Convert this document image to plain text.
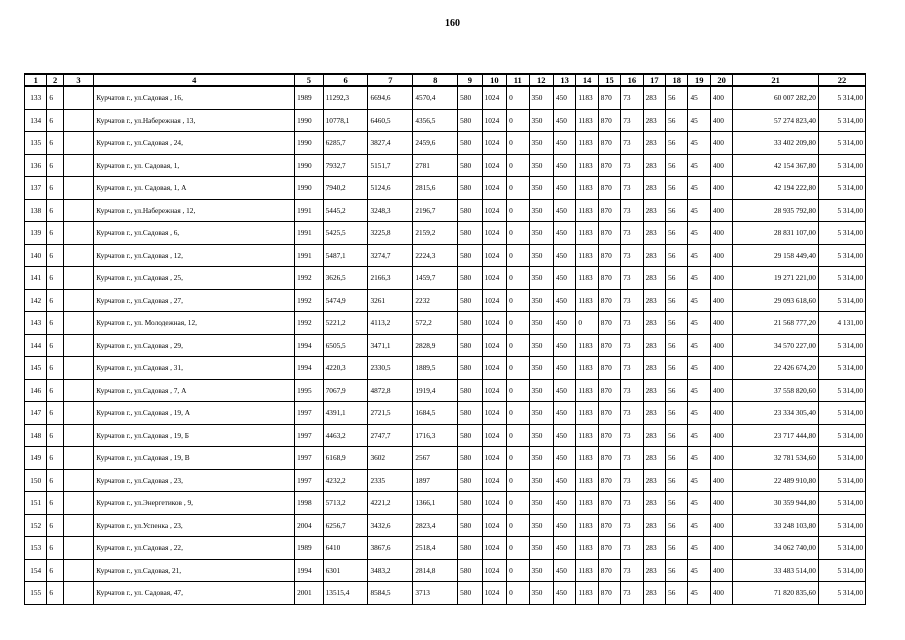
160
1	2	3	4	5	6	7	8	9	10	11	12	13	14	15	16	17	18	19	20	21	22
133	6		Курчатов г., ул.Садовая , 16,	1989	11292,3	6694,6	4570,4	580	1024	0	350	450	1183	870	73	283	56	45	400	60 007 282,20	5 314,00
134	6		Курчатов г., ул.Набережная , 13,	1990	10778,1	6460,5	4356,5	580	1024	0	350	450	1183	870	73	283	56	45	400	57 274 823,40	5 314,00
135	6		Курчатов г., ул.Садовая , 24,	1990	6285,7	3827,4	2459,6	580	1024	0	350	450	1183	870	73	283	56	45	400	33 402 209,80	5 314,00
136	6		Курчатов г., ул. Садовая, 1,	1990	7932,7	5151,7	2781	580	1024	0	350	450	1183	870	73	283	56	45	400	42 154 367,80	5 314,00
137	6		Курчатов г., ул. Садовая, 1, А	1990	7940,2	5124,6	2815,6	580	1024	0	350	450	1183	870	73	283	56	45	400	42 194 222,80	5 314,00
138	6		Курчатов г., ул.Набережная , 12,	1991	5445,2	3248,3	2196,7	580	1024	0	350	450	1183	870	73	283	56	45	400	28 935 792,80	5 314,00
139	6		Курчатов г., ул.Садовая , 6,	1991	5425,5	3225,8	2159,2	580	1024	0	350	450	1183	870	73	283	56	45	400	28 831 107,00	5 314,00
140	6		Курчатов г., ул.Садовая , 12,	1991	5487,1	3274,7	2224,3	580	1024	0	350	450	1183	870	73	283	56	45	400	29 158 449,40	5 314,00
141	6		Курчатов г., ул.Садовая , 25,	1992	3626,5	2166,3	1459,7	580	1024	0	350	450	1183	870	73	283	56	45	400	19 271 221,00	5 314,00
142	6		Курчатов г., ул.Садовая , 27,	1992	5474,9	3261	2232	580	1024	0	350	450	1183	870	73	283	56	45	400	29 093 618,60	5 314,00
143	6		Курчатов г., ул. Молодежная, 12,	1992	5221,2	4113,2	572,2	580	1024	0	350	450	0	870	73	283	56	45	400	21 568 777,20	4 131,00
144	6		Курчатов г., ул.Садовая , 29,	1994	6505,5	3471,1	2828,9	580	1024	0	350	450	1183	870	73	283	56	45	400	34 570 227,00	5 314,00
145	6		Курчатов г., ул.Садовая , 31,	1994	4220,3	2330,5	1889,5	580	1024	0	350	450	1183	870	73	283	56	45	400	22 426 674,20	5 314,00
146	6		Курчатов г., ул.Садовая , 7, А	1995	7067,9	4872,8	1919,4	580	1024	0	350	450	1183	870	73	283	56	45	400	37 558 820,60	5 314,00
147	6		Курчатов г., ул.Садовая , 19, А	1997	4391,1	2721,5	1684,5	580	1024	0	350	450	1183	870	73	283	56	45	400	23 334 305,40	5 314,00
148	6		Курчатов г., ул.Садовая , 19, Б	1997	4463,2	2747,7	1716,3	580	1024	0	350	450	1183	870	73	283	56	45	400	23 717 444,80	5 314,00
149	6		Курчатов г., ул.Садовая , 19, В	1997	6168,9	3602	2567	580	1024	0	350	450	1183	870	73	283	56	45	400	32 781 534,60	5 314,00
150	6		Курчатов г., ул.Садовая , 23,	1997	4232,2	2335	1897	580	1024	0	350	450	1183	870	73	283	56	45	400	22 489 910,80	5 314,00
151	6		Курчатов г., ул.Энергетиков , 9,	1998	5713,2	4221,2	1366,1	580	1024	0	350	450	1183	870	73	283	56	45	400	30 359 944,80	5 314,00
152	6		Курчатов г., ул.Успенка , 23,	2004	6256,7	3432,6	2823,4	580	1024	0	350	450	1183	870	73	283	56	45	400	33 248 103,80	5 314,00
153	6		Курчатов г., ул.Садовая , 22,	1989	6410	3867,6	2518,4	580	1024	0	350	450	1183	870	73	283	56	45	400	34 062 740,00	5 314,00
154	6		Курчатов г., ул.Садовая, 21,	1994	6301	3483,2	2814,8	580	1024	0	350	450	1183	870	73	283	56	45	400	33 483 514,00	5 314,00
155	6		Курчатов г., ул. Садовая, 47,	2001	13515,4	8584,5	3713	580	1024	0	350	450	1183	870	73	283	56	45	400	71 820 835,60	5 314,00
